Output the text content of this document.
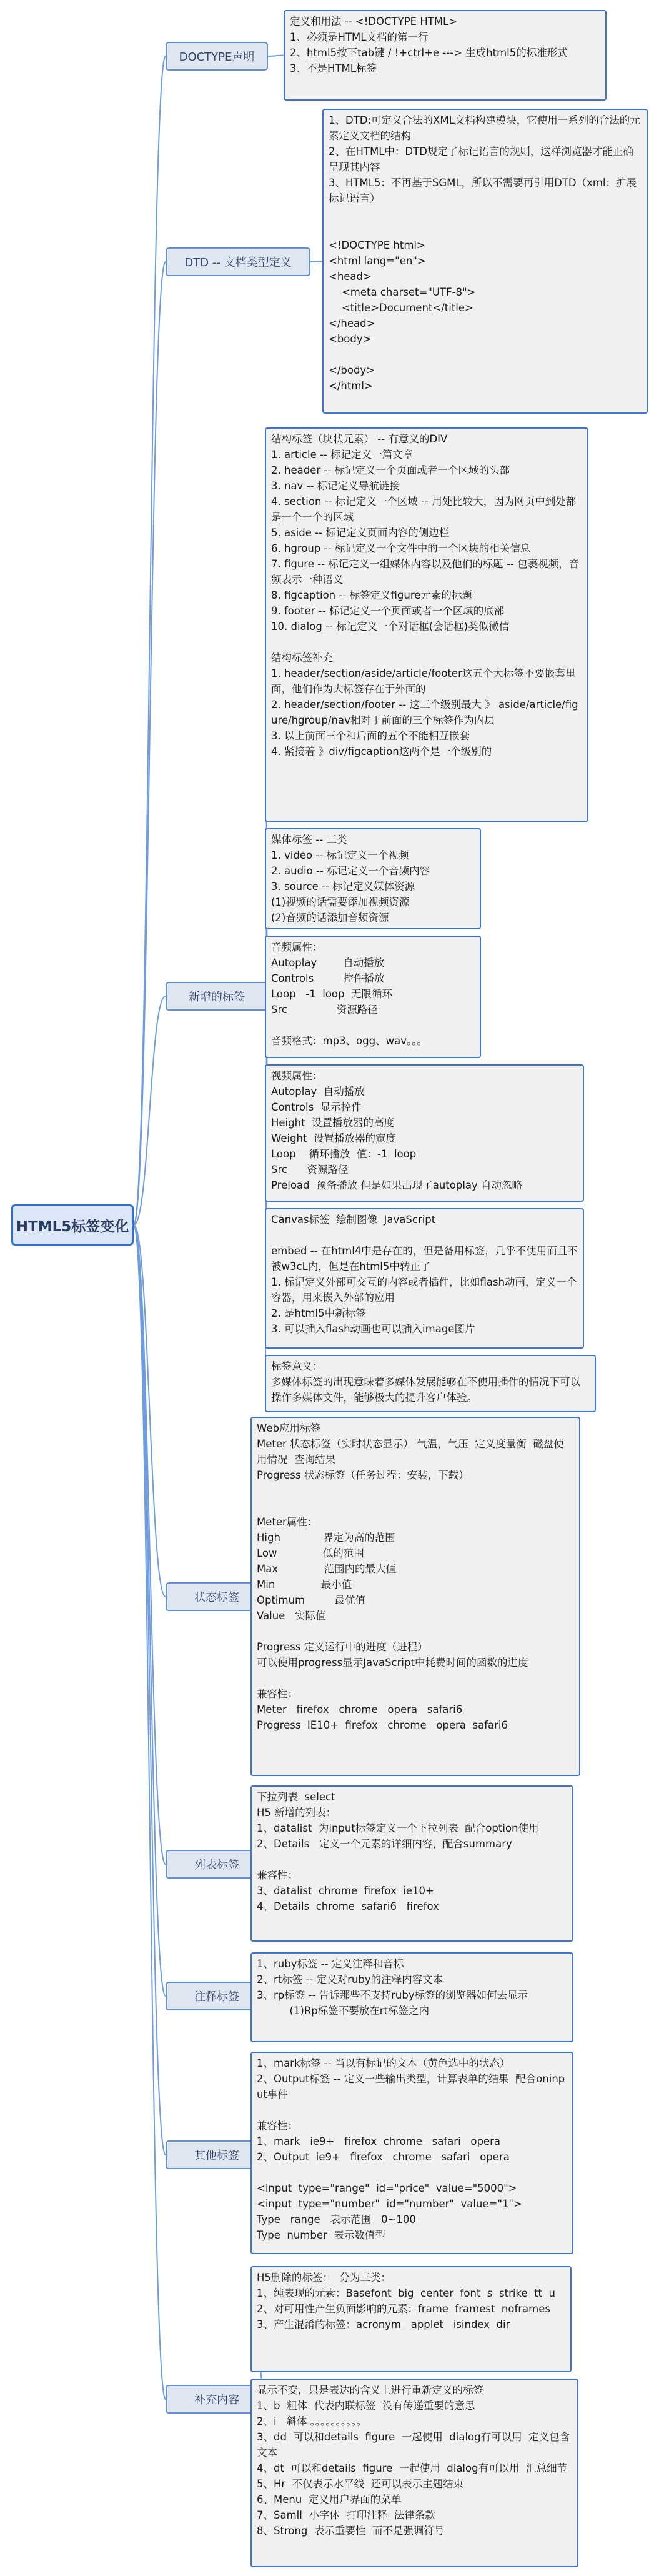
HTML5标签变化
DOCTYPE声明
定义和用法 -- <!DOCTYPE HTML>
1、必须是HTML文档的第一行
2、html5按下tab键 / !+ctrl+e ---> 生成html5的标准形式
3、不是HTML标签
DTD -- 文档类型定义
1、DTD:可定义合法的XML文档构建模块，它使用一系列的合法的元素定义文档的结构
2、在HTML中：DTD规定了标记语言的规则，这样浏览器才能正确呈现其内容
3、HTML5：不再基于SGML，所以不需要再引用DTD（xml：扩展标记语言）

<!DOCTYPE html>
<html lang="en">
<head>
<meta charset="UTF-8">
<title>Document</title>
</head>
<body>

</body>
</html>
新增的标签
结构标签（块状元素） -- 有意义的DIV
1. article -- 标记定义一篇文章
2. header -- 标记定义一个页面或者一个区域的头部
3. nav -- 标记定义导航链接
4. section -- 标记定义一个区域 -- 用处比较大，因为网页中到处都是一个一个的区域
5. aside -- 标记定义页面内容的侧边栏
6. hgroup -- 标记定义一个文件中的一个区块的相关信息
7. figure -- 标记定义一组媒体内容以及他们的标题 -- 包裹视频，音频表示一种语义
8. figcaption -- 标签定义figure元素的标题
9. footer -- 标记定义一个页面或者一个区域的底部
10. dialog -- 标记定义一个对话框(会话框)类似微信

结构标签补充
1. header/section/aside/article/footer这五个大标签不要嵌套里面，他们作为大标签存在于外面的
2. header/section/footer -- 这三个级别最大 》 aside/article/figure/hgroup/nav相对于前面的三个标签作为内层
3. 以上前面三个和后面的五个不能相互嵌套
4. 紧接着 》div/figcaption这两个是一个级别的
媒体标签 -- 三类
1. video -- 标记定义一个视频
2. audio -- 标记定义一个音频内容
3. source -- 标记定义媒体资源
(1)视频的话需要添加视频资源
(2)音频的话添加音频资源
音频属性：
Autoplay        自动播放
Controls         控件播放
Loop   -1  loop  无限循环
Src               资源路径

音频格式：mp3、ogg、wav。。。
视频属性：
Autoplay  自动播放
Controls  显示控件
Height  设置播放器的高度
Weight  设置播放器的宽度
Loop    循环播放  值：-1  loop
Src      资源路径
Preload  预备播放 但是如果出现了autoplay 自动忽略
Canvas标签  绘制图像  JavaScript

embed -- 在html4中是存在的，但是备用标签，几乎不使用而且不被w3cL内，但是在html5中转正了
1. 标记定义外部可交互的内容或者插件，比如flash动画，定义一个容器，用来嵌入外部的应用
2. 是html5中新标签
3. 可以插入flash动画也可以插入image图片
标签意义：
多媒体标签的出现意味着多媒体发展能够在不使用插件的情况下可以操作多媒体文件，能够极大的提升客户体验。
状态标签
Web应用标签
Meter 状态标签（实时状态显示） 气温，气压  定义度量衡  磁盘使用情况  查询结果
Progress 状态标签（任务过程：安装，下载）

Meter属性：
High             界定为高的范围
Low              低的范围
Max              范围内的最大值
Min              最小值
Optimum         最优值
Value   实际值

Progress 定义运行中的进度（进程）
可以使用progress显示JavaScript中耗费时间的函数的进度

兼容性：
Meter   firefox   chrome   opera   safari6
Progress  IE10+  firefox   chrome   opera  safari6
列表标签
下拉列表  select
H5 新增的列表：
1、datalist  为input标签定义一个下拉列表  配合option使用
2、Details   定义一个元素的详细内容，配合summary

兼容性：
3、datalist  chrome  firefox  ie10+
4、Details  chrome  safari6   firefox
注释标签
1、ruby标签 -- 定义注释和音标
2、rt标签 -- 定义对ruby的注释内容文本
3、rp标签 -- 告诉那些不支持ruby标签的浏览器如何去显示
(1)Rp标签不要放在rt标签之内
其他标签
1、mark标签 -- 当以有标记的文本（黄色选中的状态）
2、Output标签 -- 定义一些输出类型，计算表单的结果  配合oninput事件

兼容性：
1、mark   ie9+   firefox  chrome   safari   opera
2、Output  ie9+   firefox   chrome   safari   opera

<input  type="range"  id="price"  value="5000">
<input  type="number"  id="number"  value="1">
Type   range   表示范围   0~100
Type  number  表示数值型
补充内容
H5删除的标签：  分为三类：
1、纯表现的元素：Basefont  big  center  font  s  strike  tt  u
2、对可用性产生负面影响的元素：frame  framest  noframes
3、产生混淆的标签：acronym   applet   isindex  dir
显示不变，只是表达的含义上进行重新定义的标签
1、b  粗体  代表内联标签  没有传递重要的意思
2、i   斜体 。。。。。。。。。。
3、dd  可以和details  figure  一起使用  dialog有可以用  定义包含文本
4、dt  可以和details  figure  一起使用  dialog有可以用  汇总细节
5、Hr  不仅表示水平线  还可以表示主题结束
6、Menu  定义用户界面的菜单
7、Samll  小字体  打印注释  法律条款
8、Strong  表示重要性  而不是强调符号
